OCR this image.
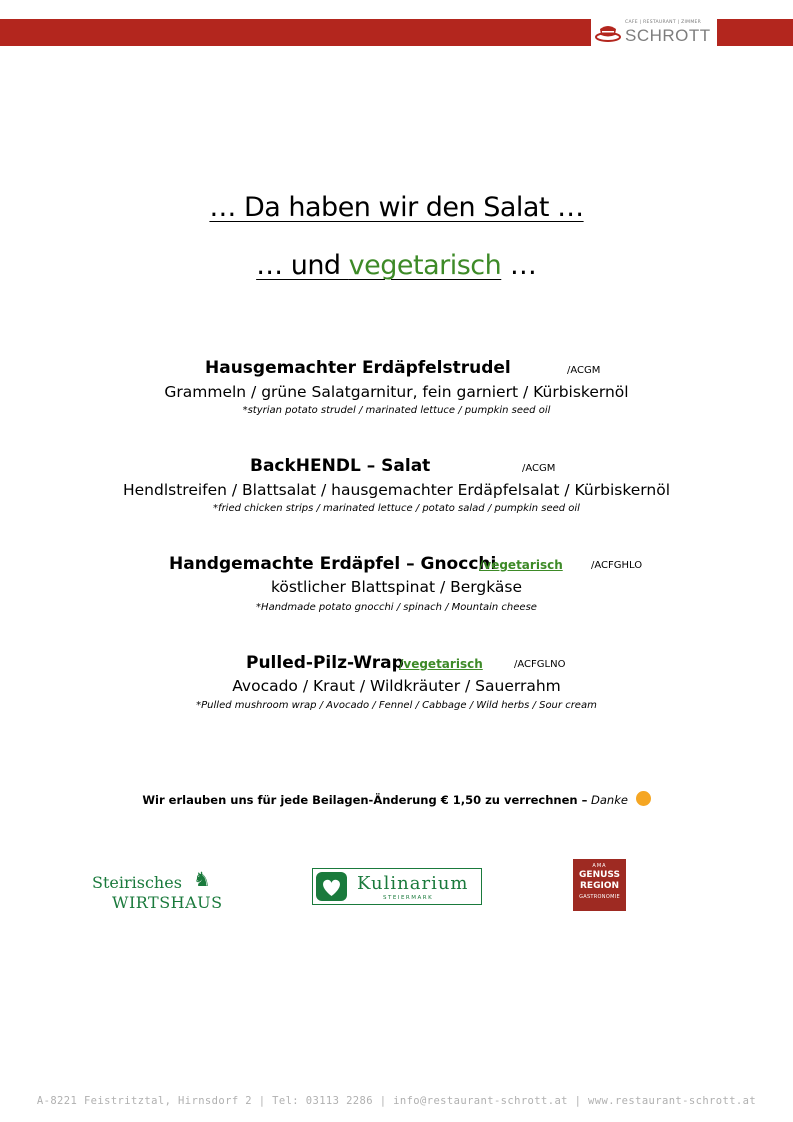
CAFE | RESTAURANT | ZIMMER
SCHROTT
… Da haben wir den Salat …
… und vegetarisch …
Hausgemachter Erdäpfelstrudel	/ACGM
Grammeln / grüne Salatgarnitur, fein garniert / Kürbiskernöl
*styrian potato strudel / marinated lettuce / pumpkin seed oil
BackHENDL – Salat	/ACGM
Hendlstreifen / Blattsalat / hausgemachter Erdäpfelsalat / Kürbiskernöl
*fried chicken strips / marinated lettuce / potato salad / pumpkin seed oil
Handgemachte Erdäpfel – Gnocchi
/vegetarisch	/ACFGHLO
köstlicher Blattspinat / Bergkäse
*Handmade potato gnocchi / spinach / Mountain cheese
Pulled-Pilz-Wrap
/vegetarisch	/ACFGLNO
Avocado / Kraut / Wildkräuter / Sauerrahm
*Pulled mushroom wrap / Avocado / Fennel / Cabbage / Wild herbs / Sour cream
Wir erlauben uns für jede Beilagen-Änderung € 1,50 zu verrechnen – Danke
Steirisches
WIRTSHAUS
♞	Kulinarium
STEIERMARK
AMA
GENUSS
REGION
GASTRONOMIE
A-8221 Feistritztal, Hirnsdorf 2 | Tel: 03113 2286 | info@restaurant-schrott.at | www.restaurant-schrott.at
